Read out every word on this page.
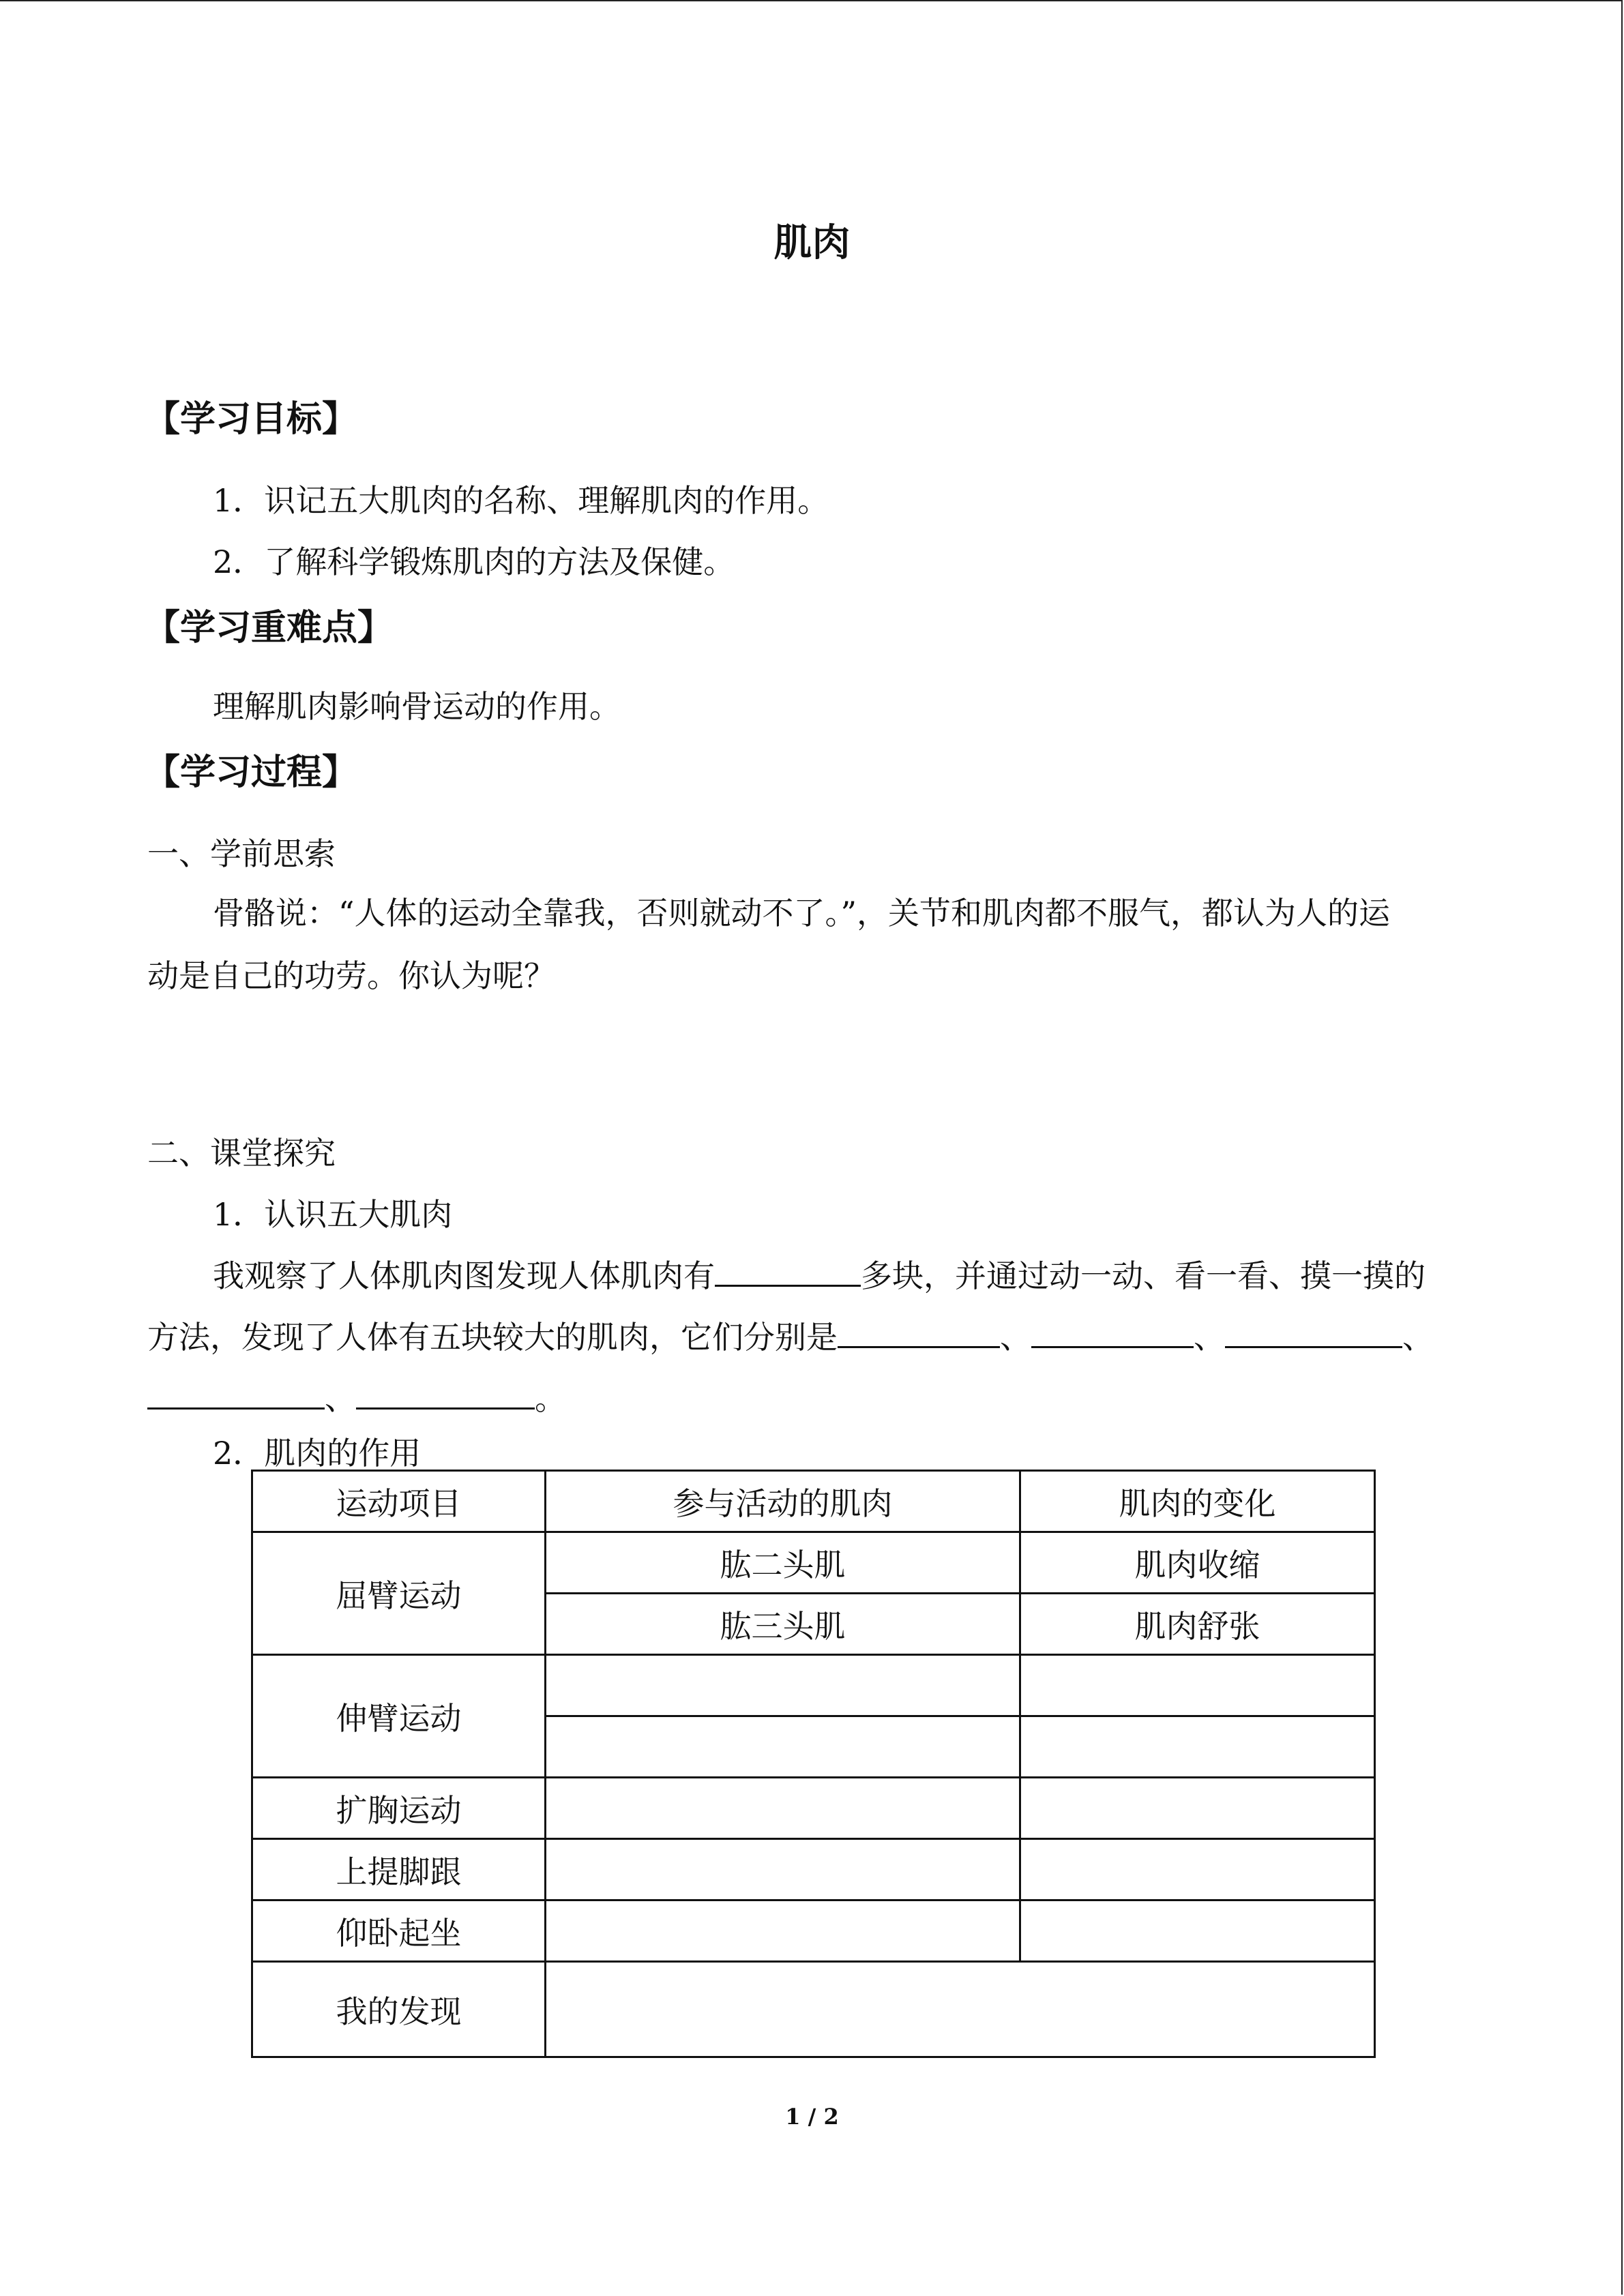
肌肉
【学习目标】
1．识记五大肌肉的名称、理解肌肉的作用。
2．了解科学锻炼肌肉的方法及保健。
【学习重难点】
理解肌肉影响骨运动的作用。
【学习过程】
一、学前思索
骨骼说：“人体的运动全靠我，否则就动不了。”，关节和肌肉都不服气，都认为人的运
动是自己的功劳。你认为呢？
二、课堂探究
1．认识五大肌肉
我观察了人体肌肉图发现人体肌肉有	多块，并通过动一动、看一看、摸一摸的
方法，发现了人体有五块较大的肌肉，它们分别是	、	、	、
、	。
2．肌肉的作用
运动项目	参与活动的肌肉	肌肉的变化
屈臂运动	肱二头肌	肌肉收缩
	肱三头肌	肌肉舒张
伸臂运动		

扩胸运动		
上提脚跟		
仰卧起坐		
我的发现		
1 / 2
